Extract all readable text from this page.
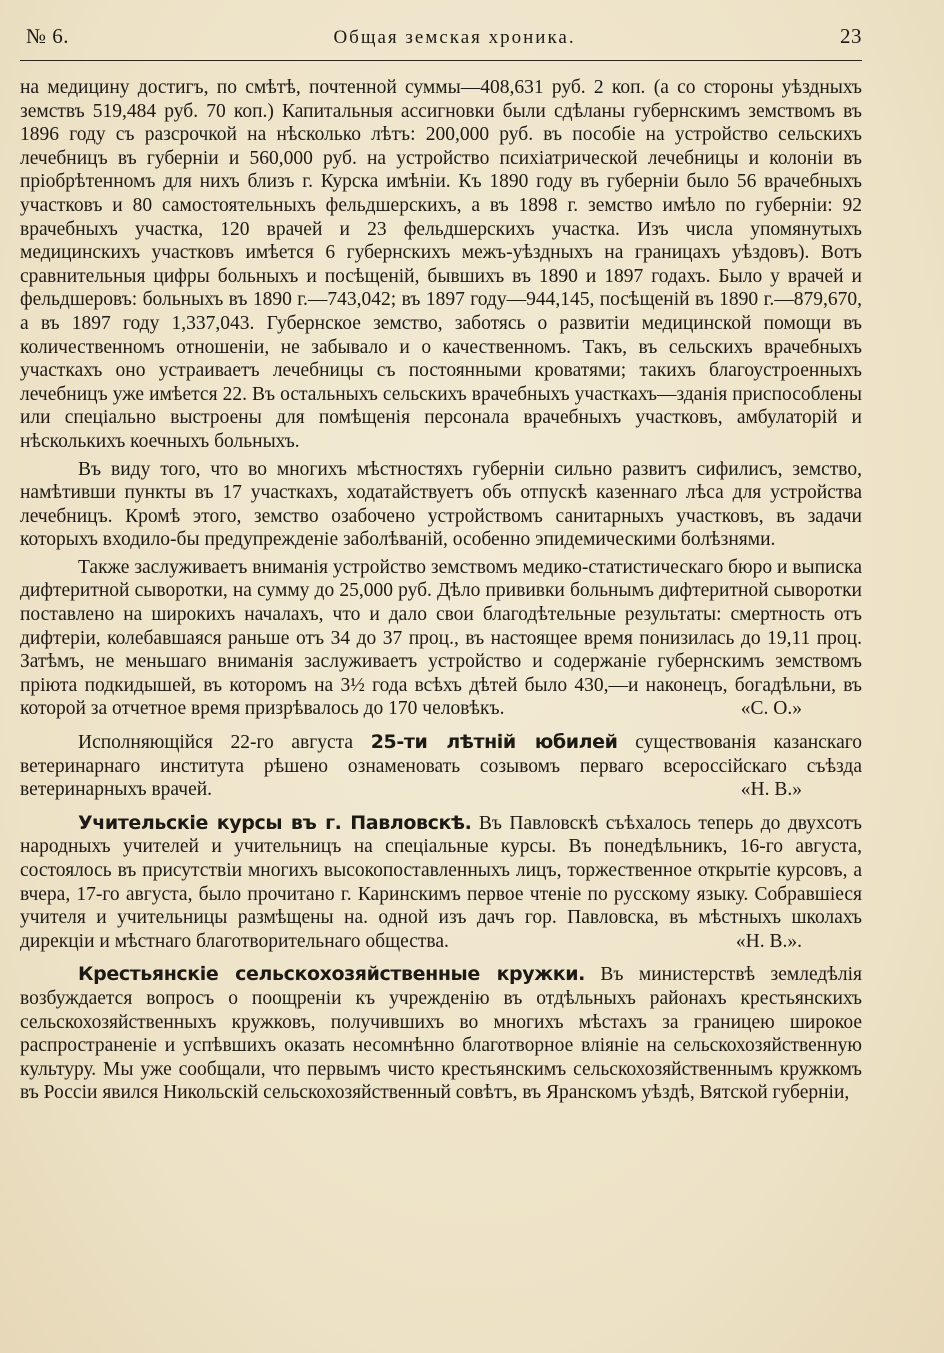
№ 6.	Общая земская хроника.	23

на медицину достигъ, по смѣтѣ, почтенной суммы—408,631 руб. 2 коп. (а со стороны уѣздныхъ земствъ 519,484 руб. 70 коп.) Капитальныя ассигновки были сдѣланы губернскимъ земствомъ въ 1896 году съ разсрочкой на нѣсколько лѣтъ: 200,000 руб. въ пособіе на устройство сельскихъ лечебницъ въ губерніи и 560,000 руб. на устройство психіатрической лечебницы и колоніи въ пріобрѣтенномъ для нихъ близъ г. Курска имѣніи. Къ 1890 году въ губерніи было 56 врачебныхъ участковъ и 80 самостоятельныхъ фельдшерскихъ, а въ 1898 г. земство имѣло по губерніи: 92 врачебныхъ участка, 120 врачей и 23 фельдшерскихъ участка. Изъ числа упомянутыхъ медицинскихъ участковъ имѣется 6 губернскихъ межъ-уѣздныхъ на границахъ уѣздовъ). Вотъ сравнительныя цифры больныхъ и посѣщеній, бывшихъ въ 1890 и 1897 годахъ. Было у врачей и фельдшеровъ: больныхъ въ 1890 г.—743,042; въ 1897 году—944,145, посѣщеній въ 1890 г.—879,670, а въ 1897 году 1,337,043. Губернское земство, заботясь о развитіи медицинской помощи въ количественномъ отношеніи, не забывало и о качественномъ. Такъ, въ сельскихъ врачебныхъ участкахъ оно устраиваетъ лечебницы съ постоянными кроватями; такихъ благоустроенныхъ лечебницъ уже имѣется 22. Въ остальныхъ сельскихъ врачебныхъ участкахъ—зданія приспособлены или спеціально выстроены для помѣщенія персонала врачебныхъ участковъ, амбулаторій и нѣсколькихъ коечныхъ больныхъ.

Въ виду того, что во многихъ мѣстностяхъ губерніи сильно развитъ сифилисъ, земство, намѣтивши пункты въ 17 участкахъ, ходатайствуетъ объ отпускѣ казеннаго лѣса для устройства лечебницъ. Кромѣ этого, земство озабочено устройствомъ санитарныхъ участковъ, въ задачи которыхъ входило-бы предупрежденіе заболѣваній, особенно эпидемическими болѣзнями.

Также заслуживаетъ вниманія устройство земствомъ медико-статистическаго бюро и выписка дифтеритной сыворотки, на сумму до 25,000 руб. Дѣло прививки больнымъ дифтеритной сыворотки поставлено на широкихъ началахъ, что и дало свои благодѣтельные результаты: смертность отъ дифтеріи, колебавшаяся раньше отъ 34 до 37 проц., въ настоящее время понизилась до 19,11 проц. Затѣмъ, не меньшаго вниманія заслуживаетъ устройство и содержаніе губернскимъ земствомъ пріюта подкидышей, въ которомъ на 3½ года всѣхъ дѣтей было 430,—и наконецъ, богадѣльни, въ которой за отчетное время призрѣвалось до 170 человѣкъ.	«С. О.»

Исполняющійся 22-го августа 25-ти лѣтній юбилей существованія казанскаго ветеринарнаго института рѣшено ознаменовать созывомъ перваго всероссійскаго съѣзда ветеринарныхъ врачей.	«Н. В.»

Учительскіе курсы въ г. Павловскѣ. Въ Павловскѣ съѣхалось теперь до двухсотъ народныхъ учителей и учительницъ на спеціальные курсы. Въ понедѣльникъ, 16-го августа, состоялось въ присутствіи многихъ высокопоставленныхъ лицъ, торжественное открытіе курсовъ, а вчера, 17-го августа, было прочитано г. Каринскимъ первое чтеніе по русскому языку. Собравшіеся учителя и учительницы размѣщены на. одной изъ дачъ гор. Павловска, въ мѣстныхъ школахъ дирекціи и мѣстнаго благотворительнаго общества.	«Н. В.».

Крестьянскіе сельскохозяйственные кружки. Въ министерствѣ земледѣлія возбуждается вопросъ о поощреніи къ учрежденію въ отдѣльныхъ районахъ крестьянскихъ сельскохозяйственныхъ кружковъ, получившихъ во многихъ мѣстахъ за границею широкое распространеніе и успѣвшихъ оказать несомнѣнно благотворное вліяніе на сельскохозяйственную культуру. Мы уже сообщали, что первымъ чисто крестьянскимъ сельскохозяйственнымъ кружкомъ въ Россіи явился Никольскій сельскохозяйственный совѣтъ, въ Яранскомъ уѣздѣ, Вятской губерніи,
